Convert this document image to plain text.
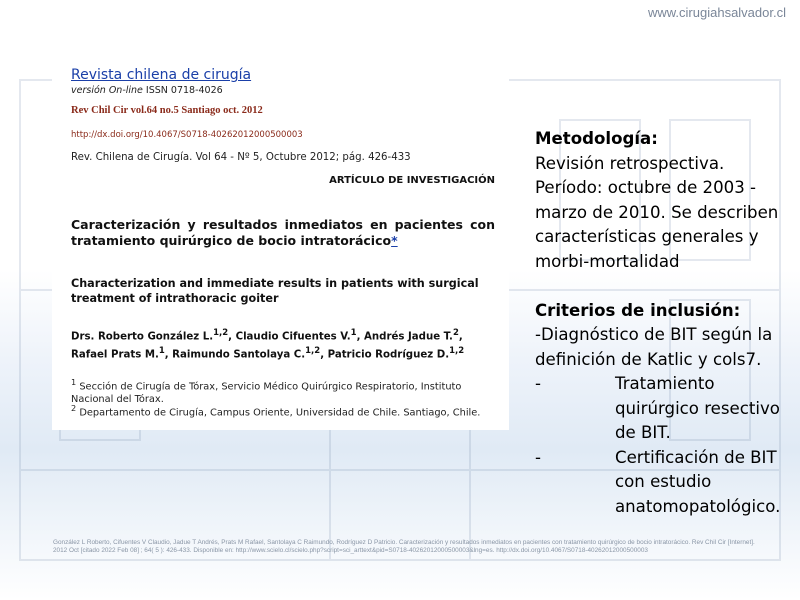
www.cirugiahsalvador.cl
Revista chilena de cirugía
versión On-line ISSN 0718-4026
Rev Chil Cir vol.64 no.5 Santiago oct. 2012
http://dx.doi.org/10.4067/S0718-40262012000500003
Rev. Chilena de Cirugía. Vol 64 - Nº 5, Octubre 2012; pág. 426-433
ARTÍCULO DE INVESTIGACIÓN
Caracterización y resultados inmediatos en pacientes con tratamiento quirúrgico de bocio intratorácico*
Characterization and immediate results in patients with surgical treatment of intrathoracic goiter
Drs. Roberto González L.$^{1,2}$, Claudio Cifuentes V.$^1$, Andrés Jadue T.$^2$, Rafael Prats M.$^1$, Raimundo Santolaya C.$^{1,2}$, Patricio Rodríguez D.$^{1,2}$
$^1$ Sección de Cirugía de Tórax, Servicio Médico Quirúrgico Respiratorio, Instituto Nacional del Tórax.
$^2$ Departamento de Cirugía, Campus Oriente, Universidad de Chile. Santiago, Chile.
Metodología:
Revisión retrospectiva.
Período: octubre de 2003 - marzo de 2010. Se describen características generales y morbi-mortalidad
Criterios de inclusión:
-Diagnóstico de BIT según la definición de Katlic y cols7.
-	Tratamiento quirúrgico resectivo de BIT.
-	Certificación de BIT con estudio anatomopatológico.
González L Roberto, Cifuentes V Claudio, Jadue T Andrés, Prats M Rafael, Santolaya C Raimundo, Rodríguez D Patricio. Caracterización y resultados inmediatos en pacientes con tratamiento quirúrgico de bocio intratorácico. Rev Chil Cir [Internet]. 2012 Oct [citado 2022 Feb 08] ; 64( 5 ): 426-433. Disponible en: http://www.scielo.cl/scielo.php?script=sci_arttext&pid=S0718-40262012000500003&lng=es. http://dx.doi.org/10.4067/S0718-40262012000500003
